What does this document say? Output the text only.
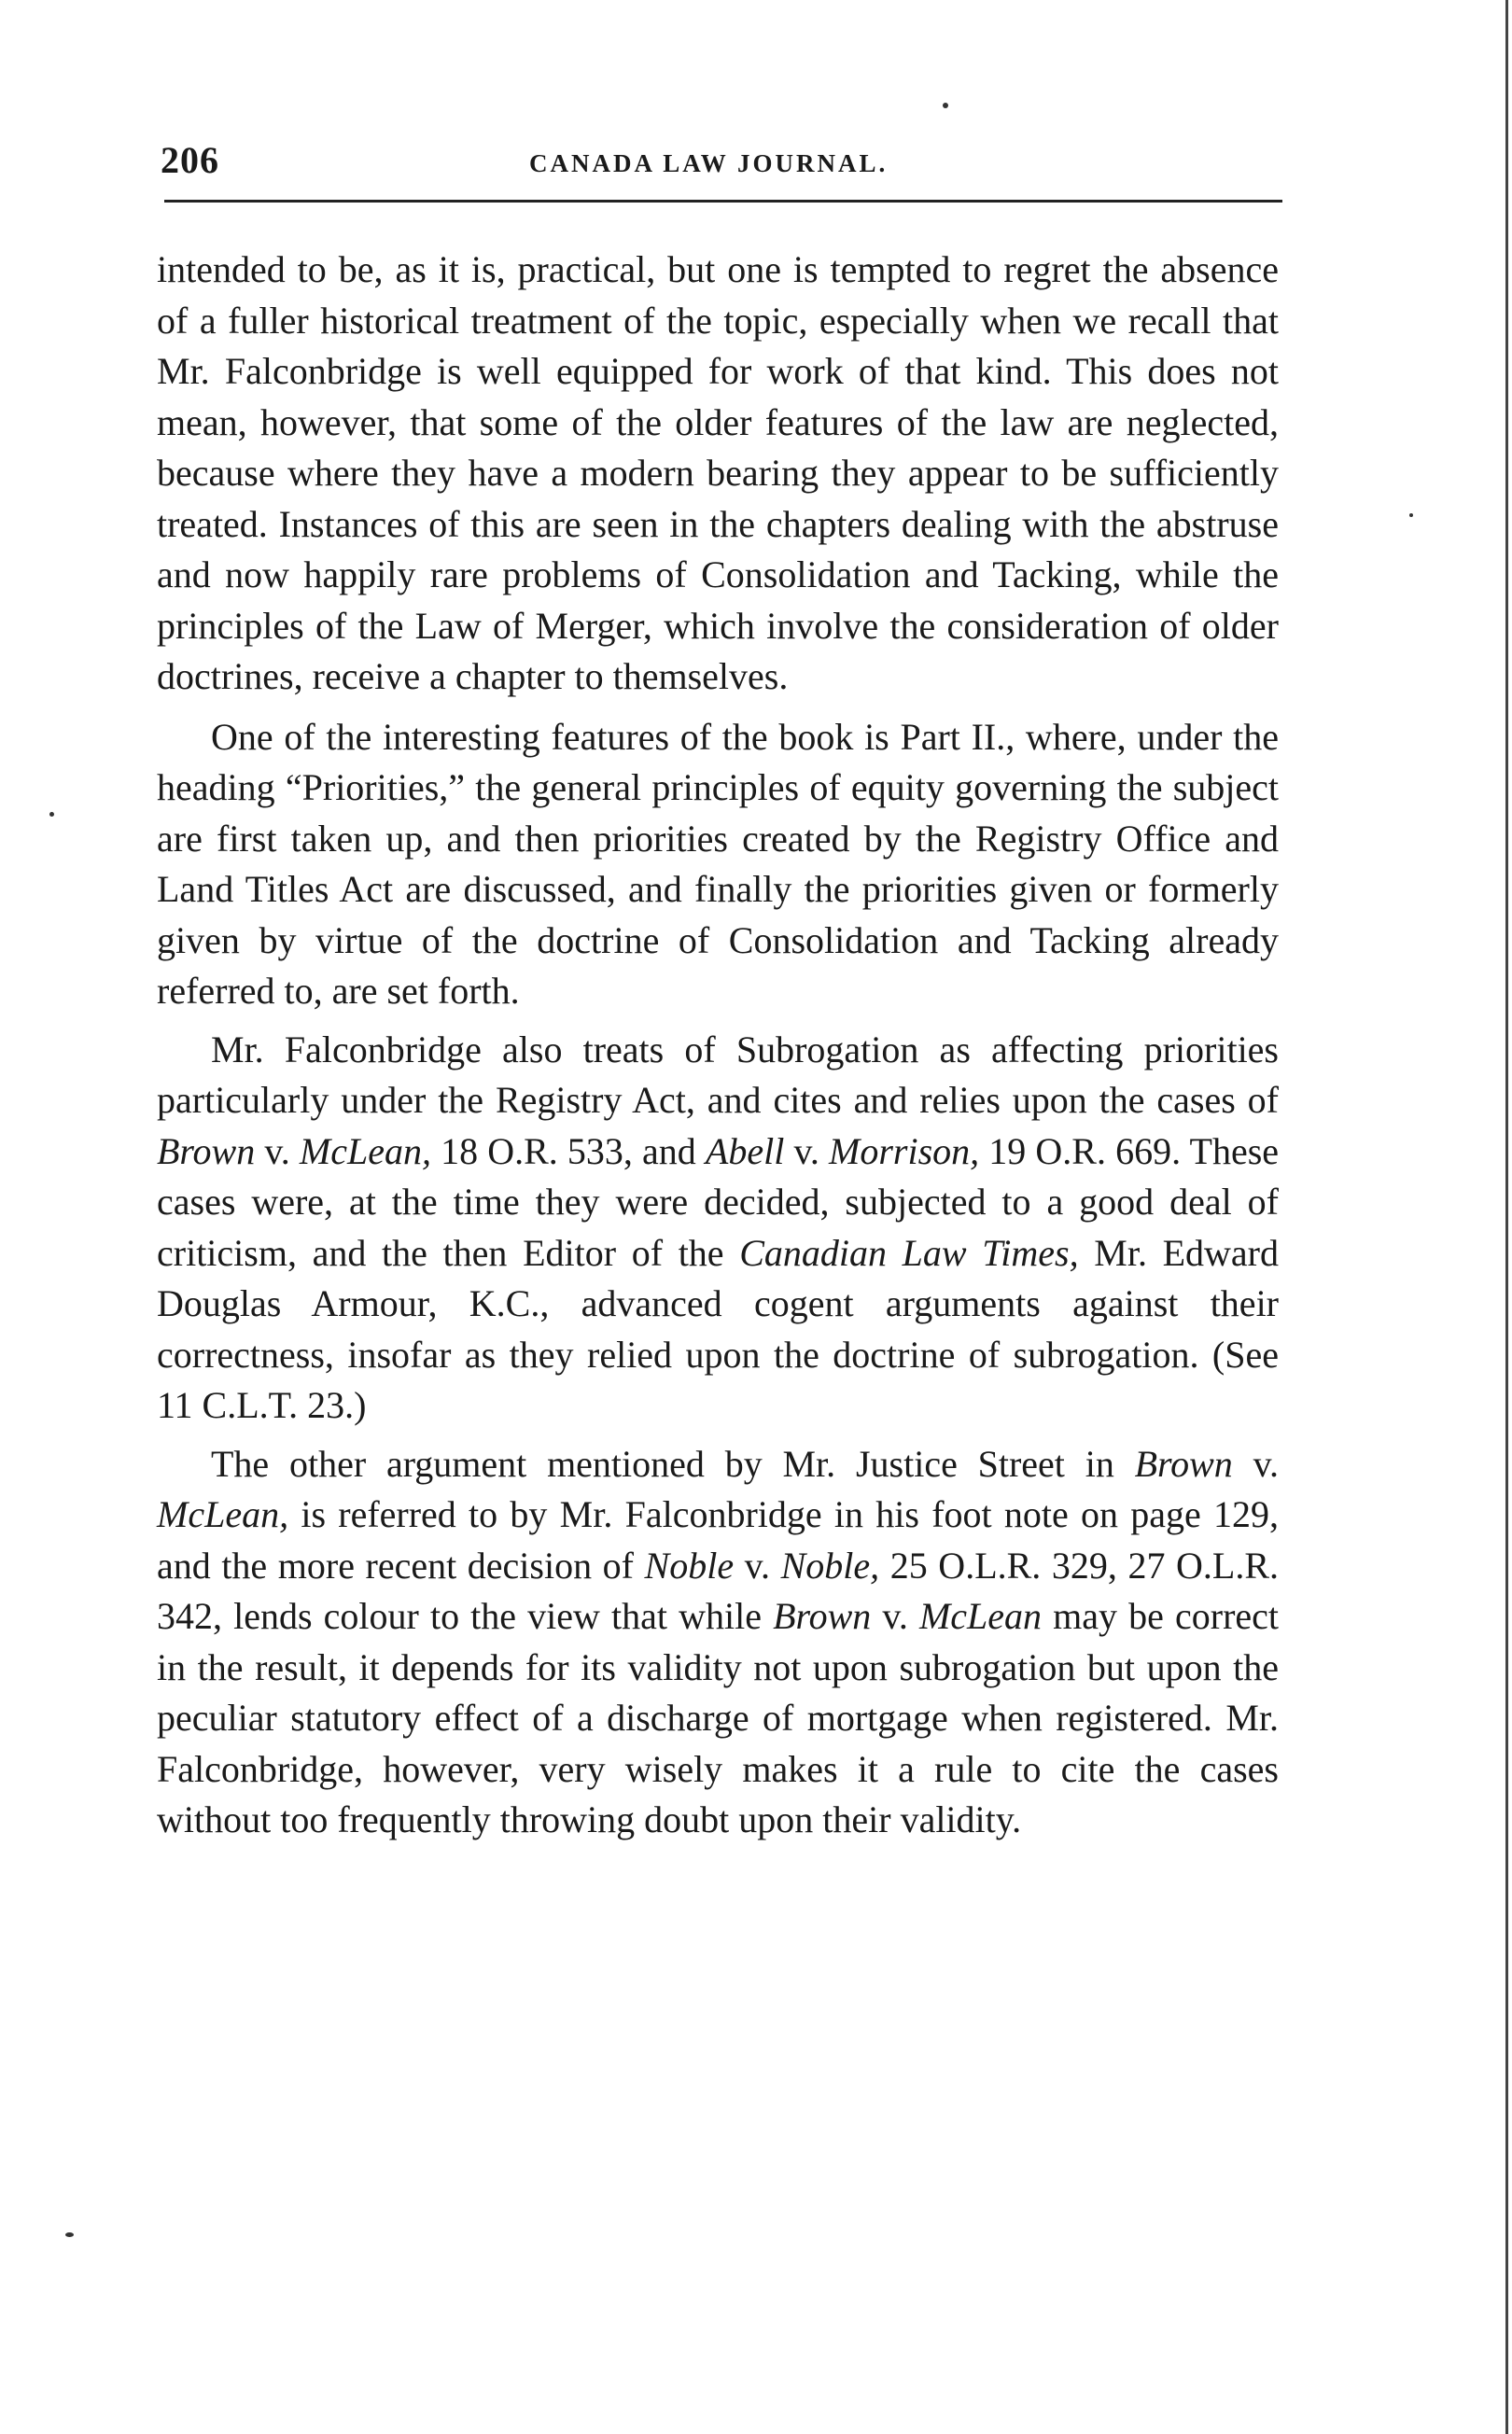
206	CANADA LAW JOURNAL.

intended to be, as it is, practical, but one is tempted to regret the absence of a fuller historical treatment of the topic, especially when we recall that Mr. Falconbridge is well equipped for work of that kind. This does not mean, however, that some of the older features of the law are neglected, because where they have a modern bearing they appear to be sufficiently treated. Instances of this are seen in the chapters dealing with the abstruse and now happily rare problems of Consolidation and Tacking, while the principles of the Law of Merger, which involve the consideration of older doctrines, receive a chapter to themselves.

One of the interesting features of the book is Part II., where, under the heading “Priorities,” the general principles of equity governing the subject are first taken up, and then priorities created by the Registry Office and Land Titles Act are discussed, and finally the priorities given or formerly given by virtue of the doctrine of Consolidation and Tacking already referred to, are set forth.

Mr. Falconbridge also treats of Subrogation as affecting priorities particularly under the Registry Act, and cites and relies upon the cases of Brown v. McLean, 18 O.R. 533, and Abell v. Morrison, 19 O.R. 669. These cases were, at the time they were decided, subjected to a good deal of criticism, and the then Editor of the Canadian Law Times, Mr. Edward Douglas Armour, K.C., advanced cogent arguments against their correctness, insofar as they relied upon the doctrine of subrogation. (See 11 C.L.T. 23.)

The other argument mentioned by Mr. Justice Street in Brown v. McLean, is referred to by Mr. Falconbridge in his foot note on page 129, and the more recent decision of Noble v. Noble, 25 O.L.R. 329, 27 O.L.R. 342, lends colour to the view that while Brown v. McLean may be correct in the result, it depends for its validity not upon subrogation but upon the peculiar statutory effect of a discharge of mortgage when registered. Mr. Falconbridge, however, very wisely makes it a rule to cite the cases without too frequently throwing doubt upon their validity.
